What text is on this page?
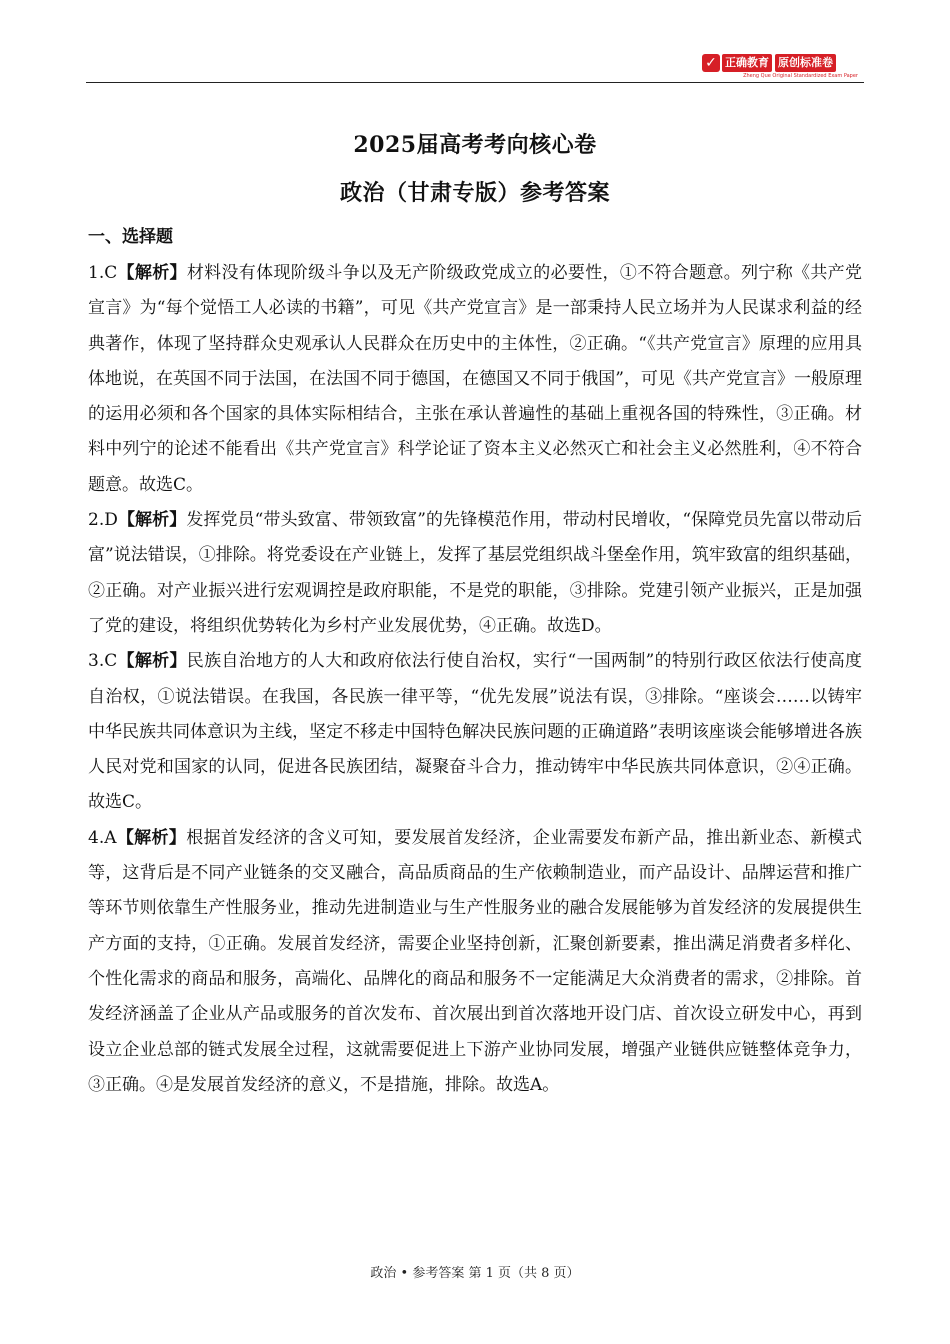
✓ 正确教育 原创标准卷
Zheng Que Original Standardized Exam Paper
2025届高考考向核心卷
政治（甘肃专版）参考答案
一、选择题

1.C【解析】材料没有体现阶级斗争以及无产阶级政党成立的必要性，①不符合题意。列宁称《共产党宣言》为“每个觉悟工人必读的书籍”，可见《共产党宣言》是一部秉持人民立场并为人民谋求利益的经典著作，体现了坚持群众史观承认人民群众在历史中的主体性，②正确。“《共产党宣言》原理的应用具体地说，在英国不同于法国，在法国不同于德国，在德国又不同于俄国”，可见《共产党宣言》一般原理的运用必须和各个国家的具体实际相结合，主张在承认普遍性的基础上重视各国的特殊性，③正确。材料中列宁的论述不能看出《共产党宣言》科学论证了资本主义必然灭亡和社会主义必然胜利，④不符合题意。故选C。

2.D【解析】发挥党员“带头致富、带领致富”的先锋模范作用，带动村民增收，“保障党员先富以带动后富”说法错误，①排除。将党委设在产业链上，发挥了基层党组织战斗堡垒作用，筑牢致富的组织基础，②正确。对产业振兴进行宏观调控是政府职能，不是党的职能，③排除。党建引领产业振兴，正是加强了党的建设，将组织优势转化为乡村产业发展优势，④正确。故选D。

3.C【解析】民族自治地方的人大和政府依法行使自治权，实行“一国两制”的特别行政区依法行使高度自治权，①说法错误。在我国，各民族一律平等，“优先发展”说法有误，③排除。“座谈会……以铸牢中华民族共同体意识为主线，坚定不移走中国特色解决民族问题的正确道路”表明该座谈会能够增进各族人民对党和国家的认同，促进各民族团结，凝聚奋斗合力，推动铸牢中华民族共同体意识，②④正确。故选C。

4.A【解析】根据首发经济的含义可知，要发展首发经济，企业需要发布新产品，推出新业态、新模式等，这背后是不同产业链条的交叉融合，高品质商品的生产依赖制造业，而产品设计、品牌运营和推广等环节则依靠生产性服务业，推动先进制造业与生产性服务业的融合发展能够为首发经济的发展提供生产方面的支持，①正确。发展首发经济，需要企业坚持创新，汇聚创新要素，推出满足消费者多样化、个性化需求的商品和服务，高端化、品牌化的商品和服务不一定能满足大众消费者的需求，②排除。首发经济涵盖了企业从产品或服务的首次发布、首次展出到首次落地开设门店、首次设立研发中心，再到设立企业总部的链式发展全过程，这就需要促进上下游产业协同发展，增强产业链供应链整体竞争力，③正确。④是发展首发经济的意义，不是措施，排除。故选A。

政治 • 参考答案 第 1 页（共 8 页）
